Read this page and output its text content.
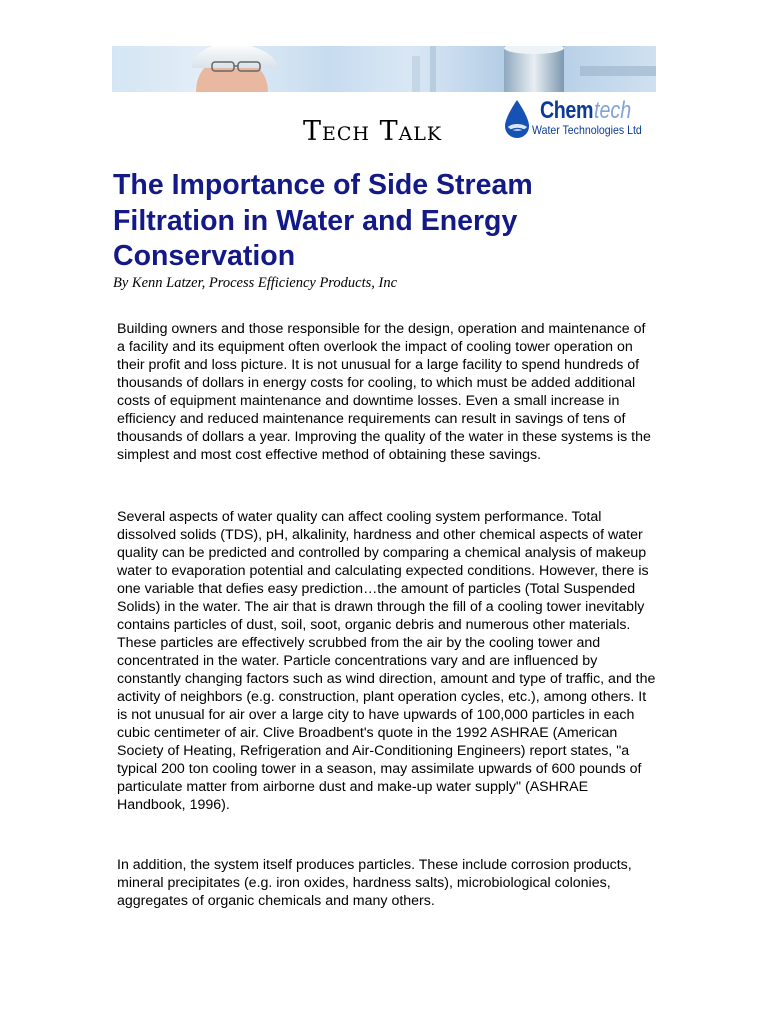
Tech Talk
Chem tech
Water Technologies Ltd
The Importance of Side Stream Filtration in Water and Energy Conservation
By Kenn Latzer, Process Efficiency Products, Inc

Building owners and those responsible for the design, operation and maintenance of a facility and its equipment often overlook the impact of cooling tower operation on their profit and loss picture. It is not unusual for a large facility to spend hundreds of thousands of dollars in energy costs for cooling, to which must be added additional costs of equipment maintenance and downtime losses. Even a small increase in efficiency and reduced maintenance requirements can result in savings of tens of thousands of dollars a year. Improving the quality of the water in these systems is the simplest and most cost effective method of obtaining these savings.

Several aspects of water quality can affect cooling system performance. Total dissolved solids (TDS), pH, alkalinity, hardness and other chemical aspects of water quality can be predicted and controlled by comparing a chemical analysis of makeup water to evaporation potential and calculating expected conditions. However, there is one variable that defies easy prediction…the amount of particles (Total Suspended Solids) in the water. The air that is drawn through the fill of a cooling tower inevitably contains particles of dust, soil, soot, organic debris and numerous other materials. These particles are effectively scrubbed from the air by the cooling tower and concentrated in the water. Particle concentrations vary and are influenced by constantly changing factors such as wind direction, amount and type of traffic, and the activity of neighbors (e.g. construction, plant operation cycles, etc.), among others. It is not unusual for air over a large city to have upwards of 100,000 particles in each cubic centimeter of air. Clive Broadbent's quote in the 1992 ASHRAE (American Society of Heating, Refrigeration and Air-Conditioning Engineers) report states, "a typical 200 ton cooling tower in a season, may assimilate upwards of 600 pounds of particulate matter from airborne dust and make-up water supply" (ASHRAE Handbook, 1996).

In addition, the system itself produces particles. These include corrosion products, mineral precipitates (e.g. iron oxides, hardness salts), microbiological colonies, aggregates of organic chemicals and many others.
